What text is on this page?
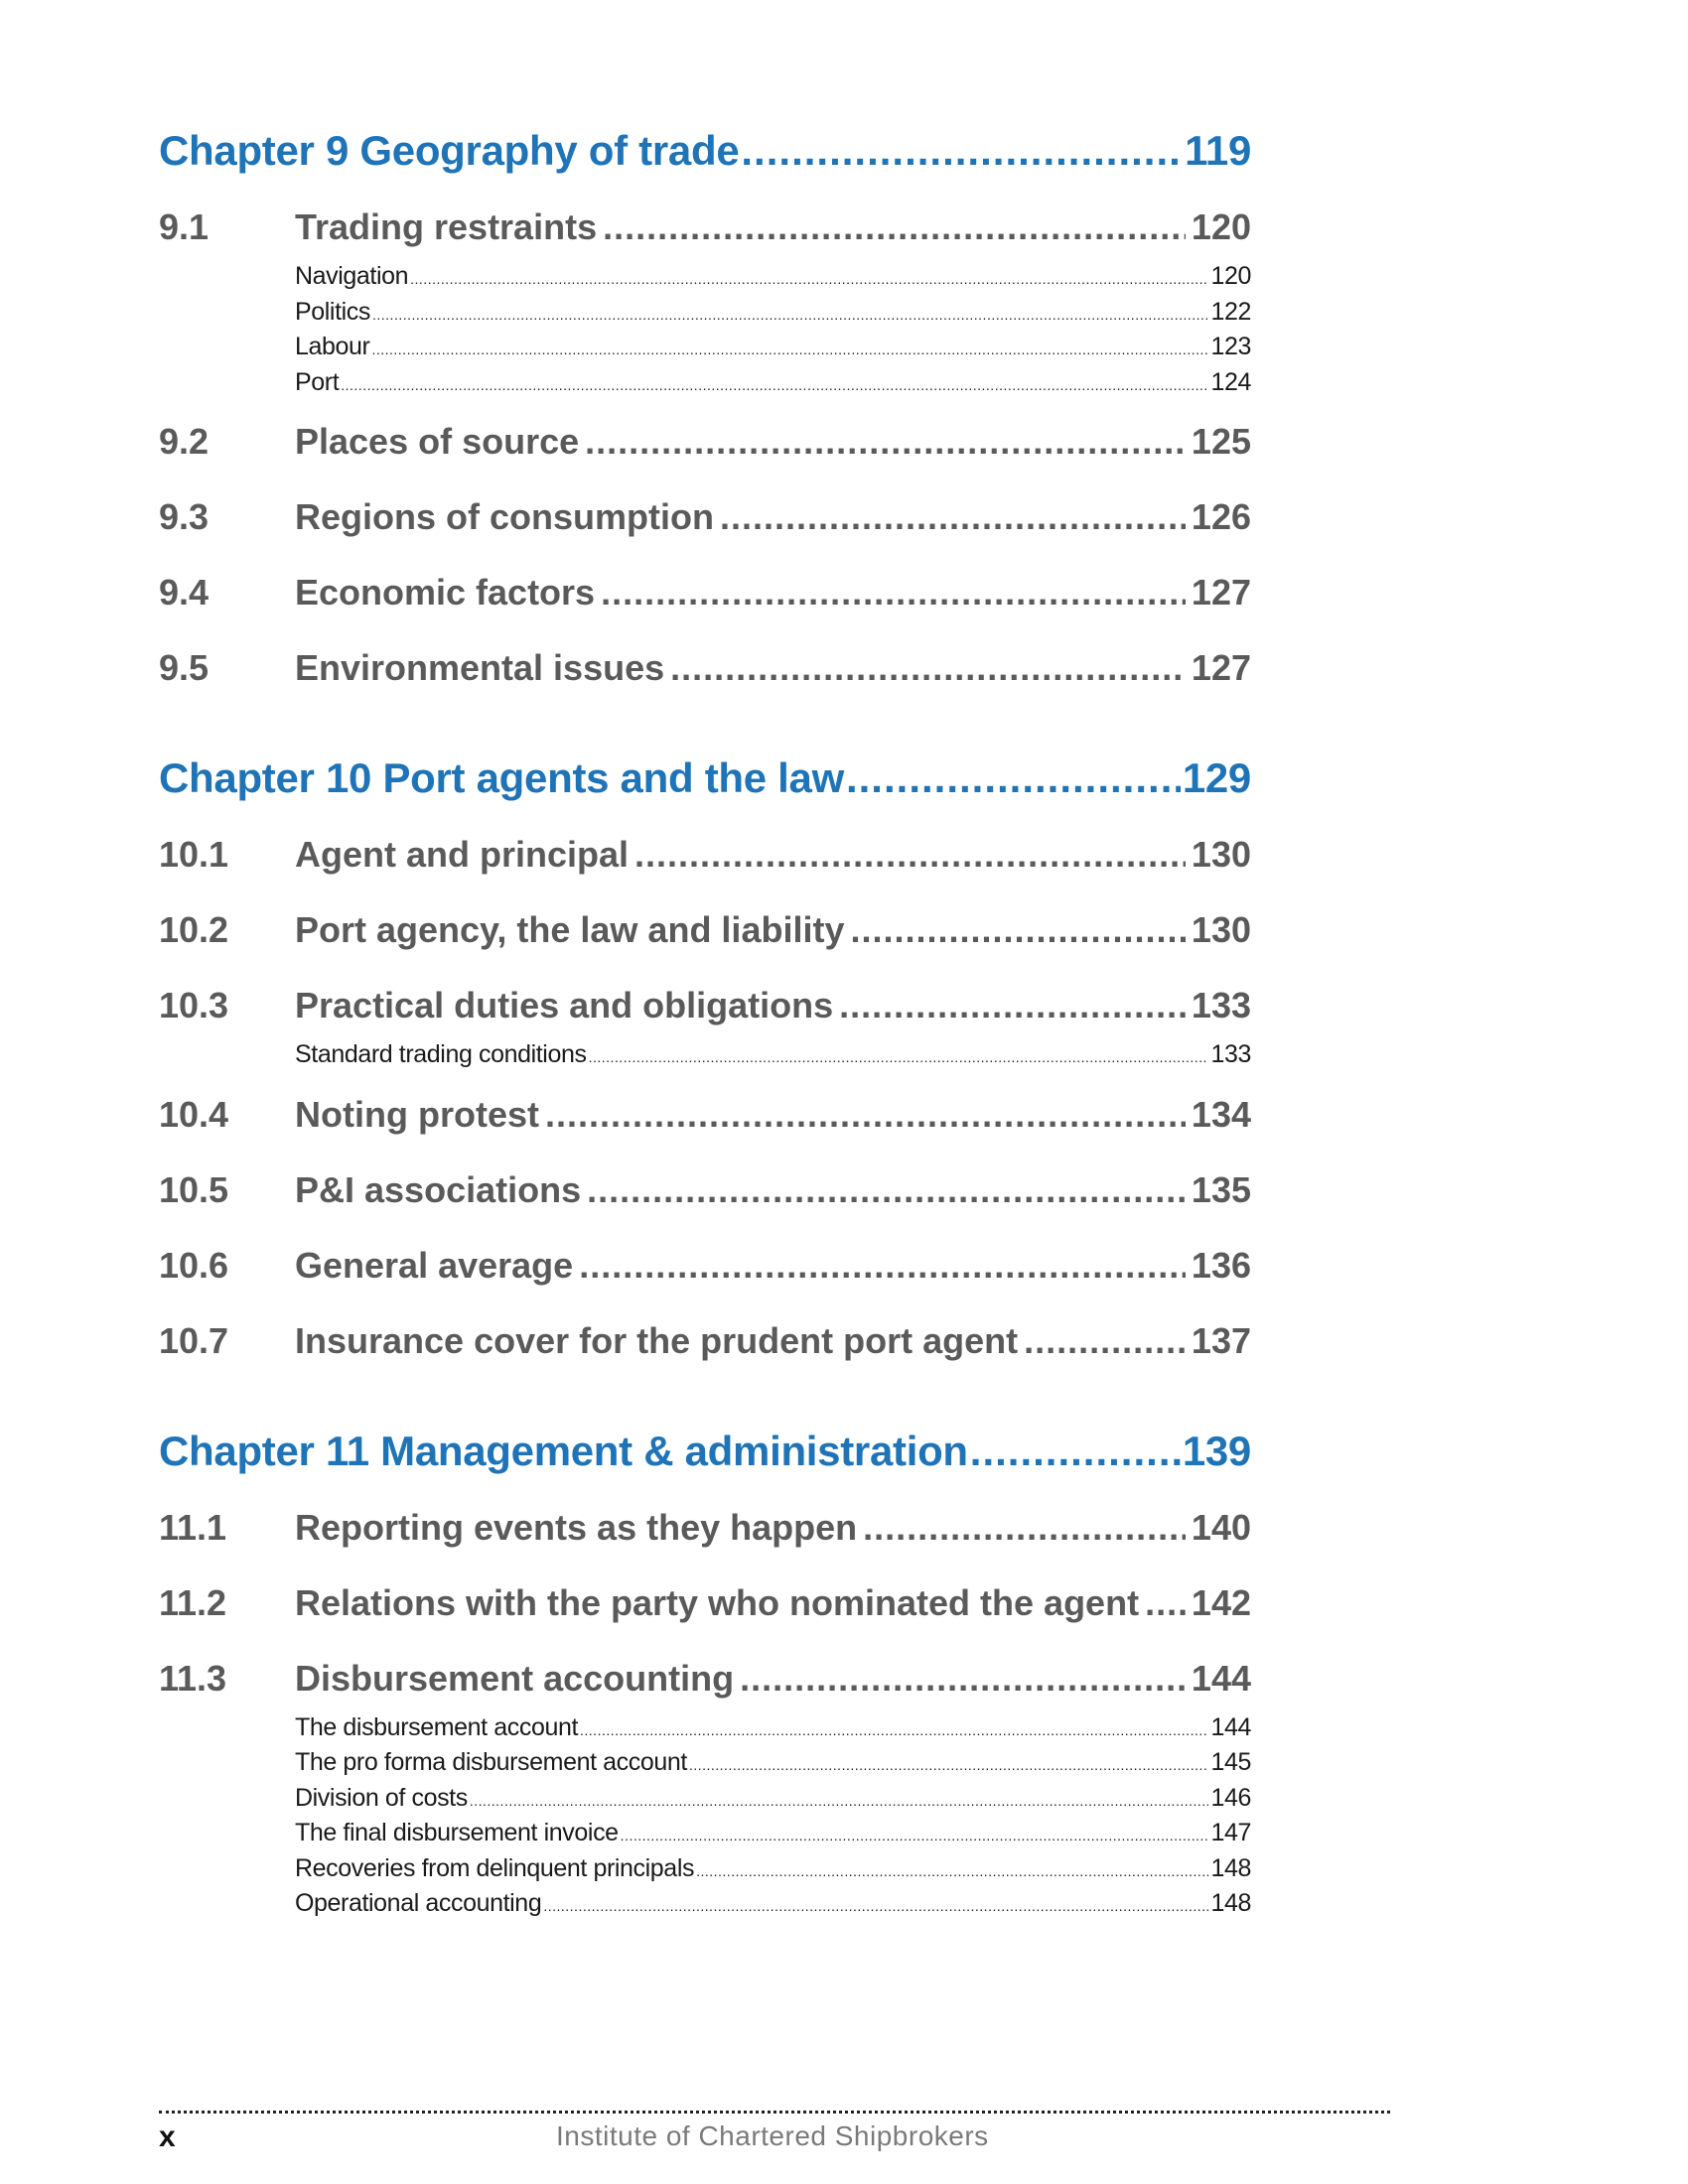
Chapter 9 Geography of trade .....	119
9.1	Trading restraints .....	120
Navigation .....	120
Politics .....	122
Labour .....	123
Port .....	124
9.2	Places of source .....	125
9.3	Regions of consumption .....	126
9.4	Economic factors .....	127
9.5	Environmental issues .....	127
Chapter 10 Port agents and the law .....	129
10.1	Agent and principal .....	130
10.2	Port agency, the law and liability .....	130
10.3	Practical duties and obligations .....	133
Standard trading conditions .....	133
10.4	Noting protest .....	134
10.5	P&I associations .....	135
10.6	General average .....	136
10.7	Insurance cover for the prudent port agent .....	137
Chapter 11 Management & administration .....	139
11.1	Reporting events as they happen .....	140
11.2	Relations with the party who nominated the agent ..... 142
11.3	Disbursement accounting .....	144
The disbursement account .....	144
The pro forma disbursement account .....	145
Division of costs .....	146
The final disbursement invoice .....	147
Recoveries from delinquent principals .....	148
Operational accounting .....	148
x	Institute of Chartered Shipbrokers
